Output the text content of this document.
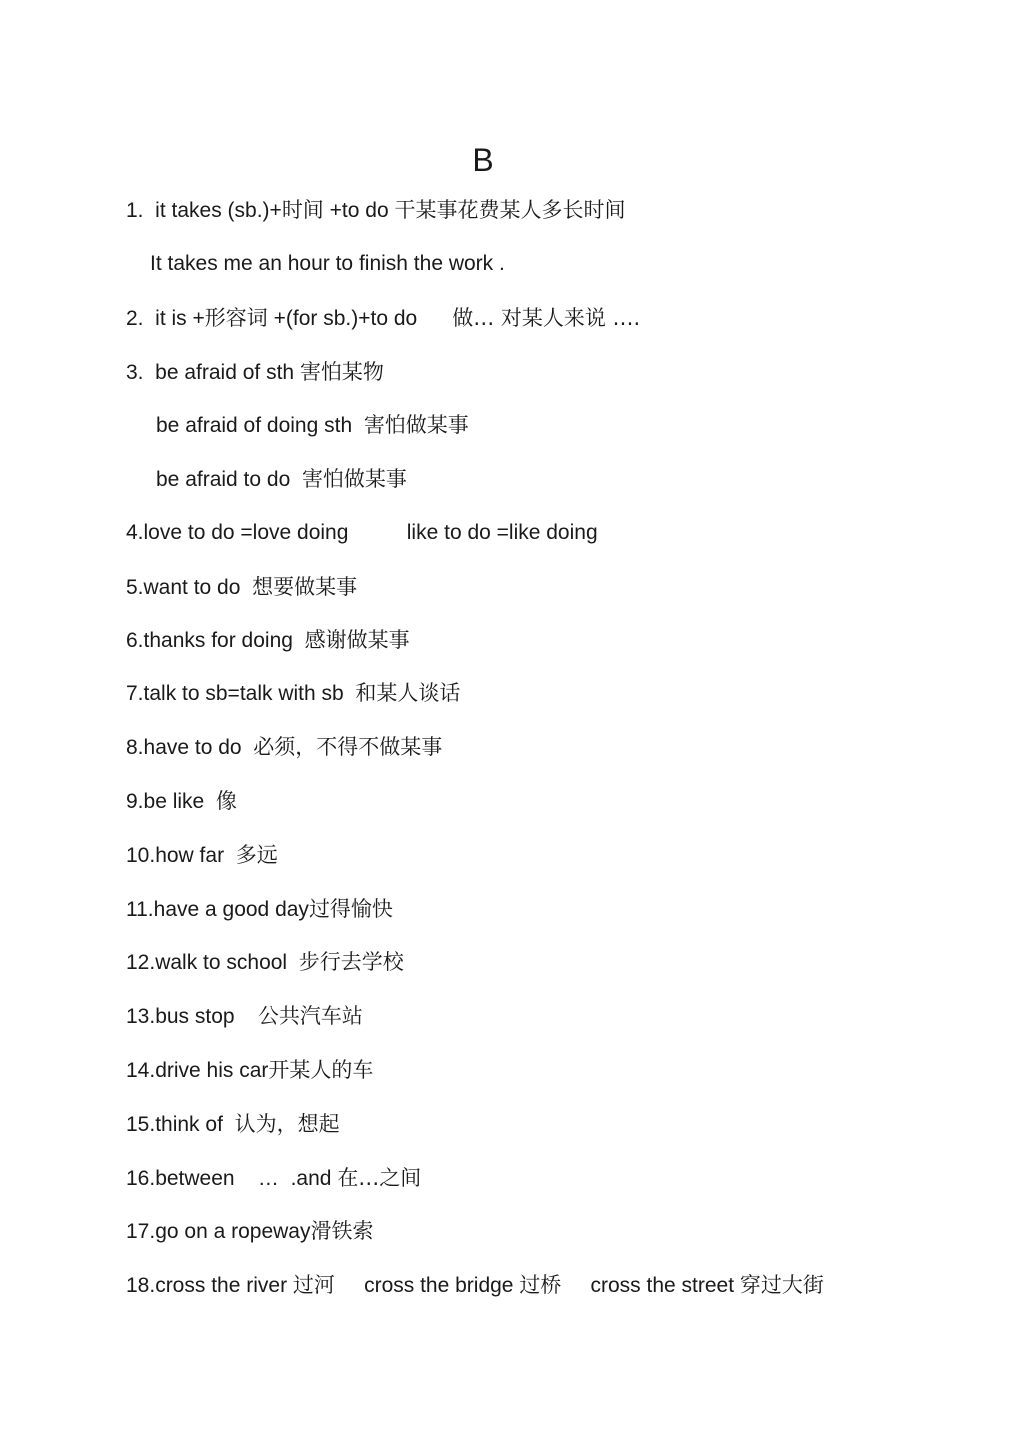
B
1.  it takes (sb.)+时间 +to do 干某事花费某人多长时间
It takes me an hour to finish the work .
2.  it is +形容词 +(for sb.)+to do      做… 对某人来说 ….
3.  be afraid of sth 害怕某物
be afraid of doing sth  害怕做某事
be afraid to do  害怕做某事
4.love to do =love doing          like to do =like doing
5.want to do  想要做某事
6.thanks for doing  感谢做某事
7.talk to sb=talk with sb  和某人谈话
8.have to do  必须，不得不做某事
9.be like  像
10.how far  多远
11.have a good day过得愉快
12.walk to school  步行去学校
13.bus stop    公共汽车站
14.drive his car开某人的车
15.think of  认为，想起
16.between    …  .and 在…之间
17.go on a ropeway滑铁索
18.cross the river 过河     cross the bridge 过桥     cross the street 穿过大街
